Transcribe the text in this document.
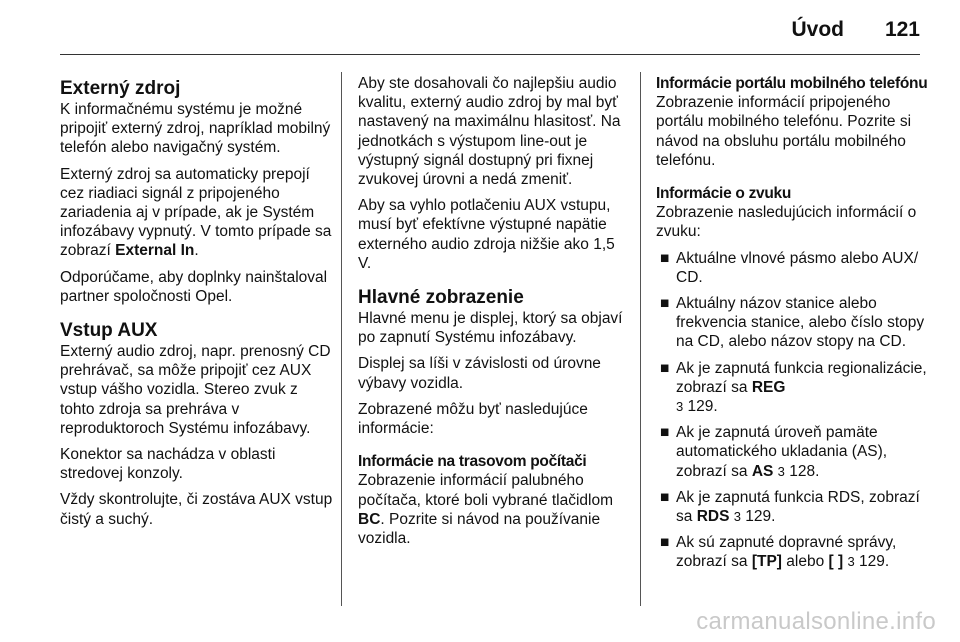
Úvod 121
Externý zdroj

K informačnému systému je možné pripojiť externý zdroj, napríklad mobilný telefón alebo navigačný systém.

Externý zdroj sa automaticky prepojí cez riadiaci signál z pripojeného zariadenia aj v prípade, ak je Systém infozábavy vypnutý. V tomto prípade sa zobrazí External In.

Odporúčame, aby doplnky nainštaloval partner spoločnosti Opel.

Vstup AUX

Externý audio zdroj, napr. prenosný CD prehrávač, sa môže pripojiť cez AUX vstup vášho vozidla. Stereo zvuk z tohto zdroja sa prehráva v reproduktoroch Systému infozábavy.

Konektor sa nachádza v oblasti stredovej konzoly.

Vždy skontrolujte, či zostáva AUX vstup čistý a suchý.

Aby ste dosahovali čo najlepšiu audio kvalitu, externý audio zdroj by mal byť nastavený na maximálnu hlasitosť. Na jednotkách s výstupom line-out je výstupný signál dostupný pri fixnej zvukovej úrovni a nedá zmeniť.

Aby sa vyhlo potlačeniu AUX vstupu, musí byť efektívne výstupné napätie externého audio zdroja nižšie ako 1,5 V.

Hlavné zobrazenie

Hlavné menu je displej, ktorý sa objaví po zapnutí Systému infozábavy.

Displej sa líši v závislosti od úrovne výbavy vozidla.

Zobrazené môžu byť nasledujúce informácie:

Informácie na trasovom počítači

Zobrazenie informácií palubného počítača, ktoré boli vybrané tlačidlom BC. Pozrite si návod na používanie vozidla.

Informácie portálu mobilného telefónu

Zobrazenie informácií pripojeného portálu mobilného telefónu. Pozrite si návod na obsluhu portálu mobilného telefónu.

Informácie o zvuku

Zobrazenie nasledujúcich informácií o zvuku:

■ Aktuálne vlnové pásmo alebo AUX/ CD.
■ Aktuálny názov stanice alebo frekvencia stanice, alebo číslo stopy na CD, alebo názov stopy na CD.
■ Ak je zapnutá funkcia regionalizácie, zobrazí sa REG
3 129.
■ Ak je zapnutá úroveň pamäte automatického ukladania (AS), zobrazí sa AS 3 128.
■ Ak je zapnutá funkcia RDS, zobrazí sa RDS 3 129.
■ Ak sú zapnuté dopravné správy, zobrazí sa [TP] alebo [ ] 3 129.
carmanualsonline.info
